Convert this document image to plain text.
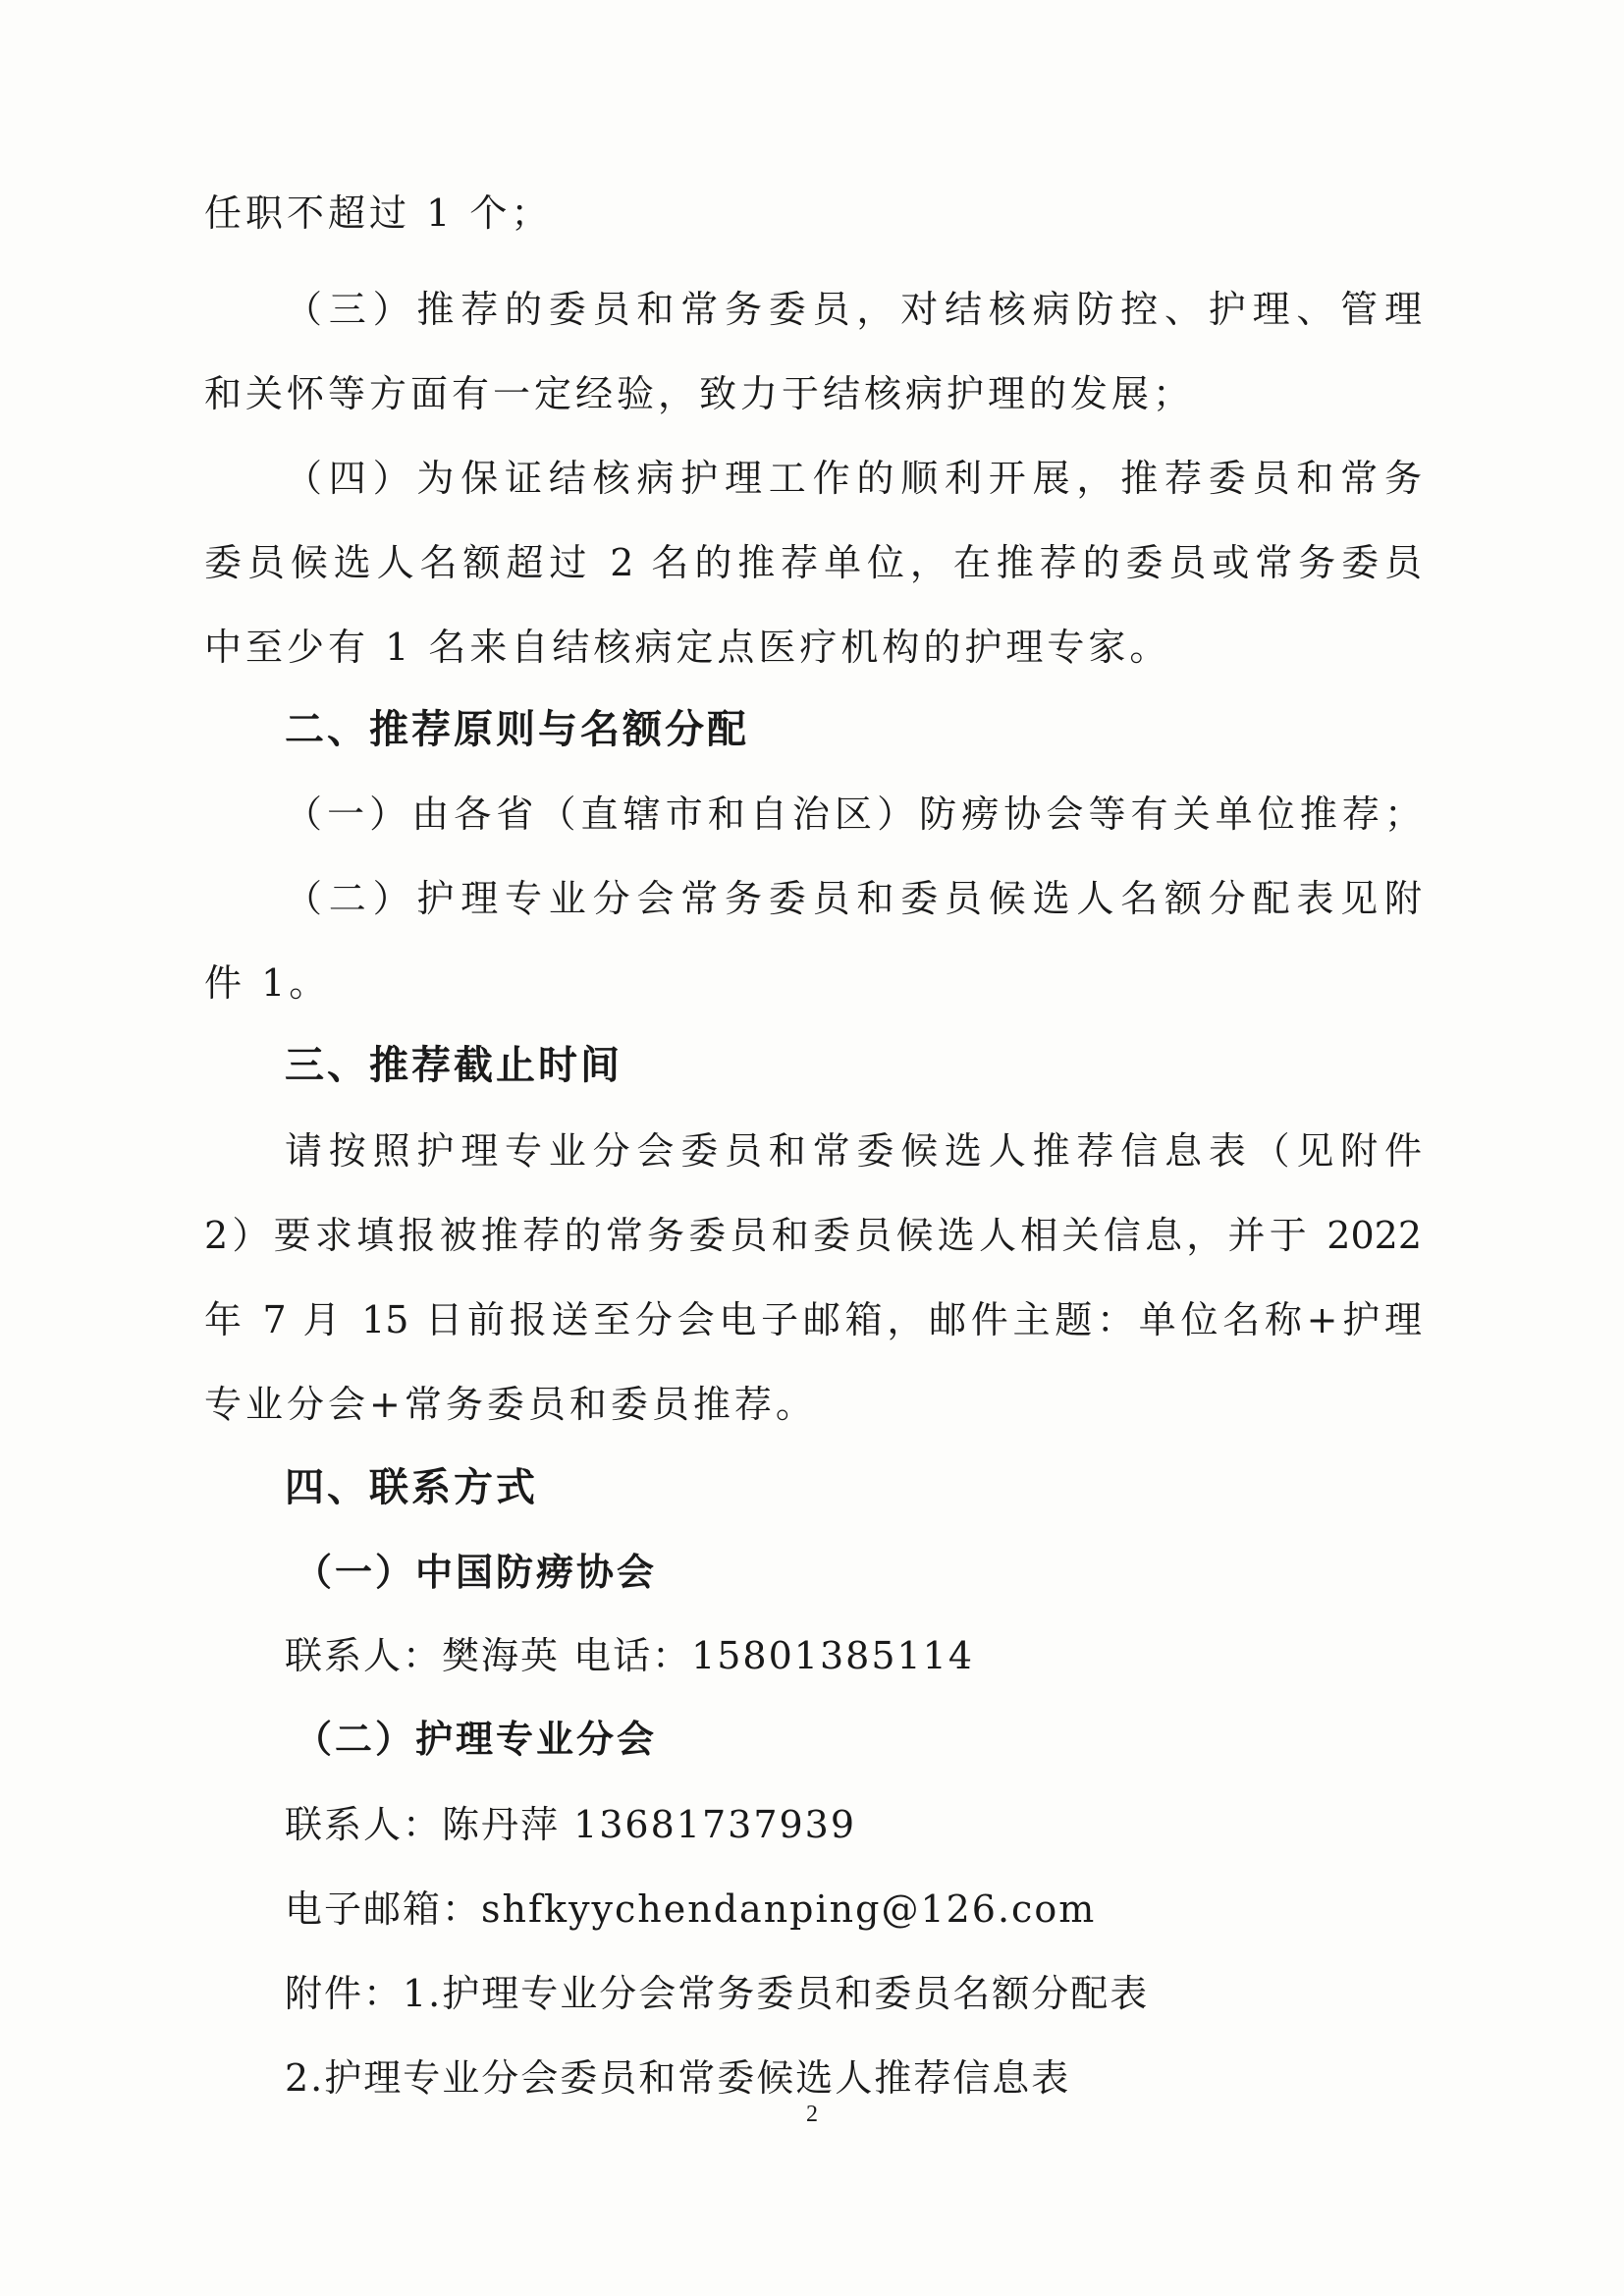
任职不超过 1 个；
（三）推荐的委员和常务委员，对结核病防控、护理、管理
和关怀等方面有一定经验，致力于结核病护理的发展；
（四）为保证结核病护理工作的顺利开展，推荐委员和常务
委员候选人名额超过 2 名的推荐单位，在推荐的委员或常务委员
中至少有 1 名来自结核病定点医疗机构的护理专家。
二、推荐原则与名额分配
（一）由各省（直辖市和自治区）防痨协会等有关单位推荐；
（二）护理专业分会常务委员和委员候选人名额分配表见附
件 1。
三、推荐截止时间
请按照护理专业分会委员和常委候选人推荐信息表（见附件
2）要求填报被推荐的常务委员和委员候选人相关信息，并于 2022
年 7 月 15 日前报送至分会电子邮箱，邮件主题：单位名称+护理
专业分会+常务委员和委员推荐。
四、联系方式
（一）中国防痨协会
联系人：樊海英 电话：15801385114
（二）护理专业分会
联系人：陈丹萍 13681737939
电子邮箱：shfkyychendanping@126.com
附件：1.护理专业分会常务委员和委员名额分配表
2.护理专业分会委员和常委候选人推荐信息表
2
